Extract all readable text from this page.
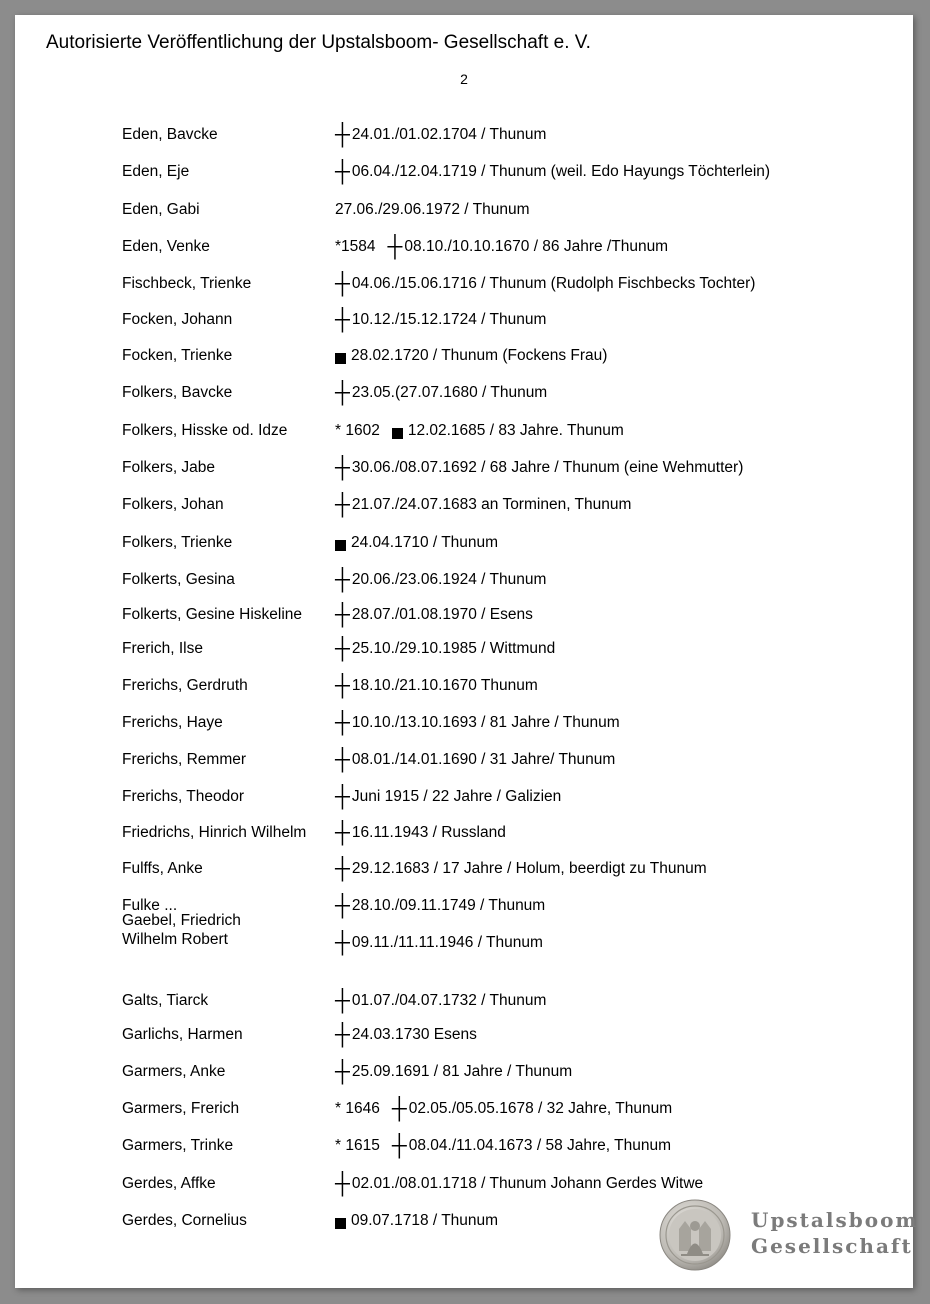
Autorisierte Veröffentlichung der Upstalsboom- Gesellschaft e. V.
2
Eden, Bavcke	┼ 24.01./01.02.1704 / Thunum
Eden, Eje	┼ 06.04./12.04.1719 / Thunum (weil. Edo Hayungs Töchterlein)
Eden, Gabi	27.06./29.06.1972 / Thunum
Eden, Venke	*1584 ┼ 08.10./10.10.1670 / 86 Jahre /Thunum
Fischbeck, Trienke	┼ 04.06./15.06.1716 / Thunum (Rudolph Fischbecks Tochter)
Focken, Johann	┼ 10.12./15.12.1724 / Thunum
Focken, Trienke	28.02.1720 / Thunum (Fockens Frau)
Folkers, Bavcke	┼ 23.05.(27.07.1680 / Thunum
Folkers, Hisske od. Idze	* 1602 12.02.1685 / 83 Jahre. Thunum
Folkers, Jabe	┼ 30.06./08.07.1692 / 68 Jahre / Thunum (eine Wehmutter)
Folkers, Johan	┼ 21.07./24.07.1683 an Torminen, Thunum
Folkers, Trienke	24.04.1710 / Thunum
Folkerts, Gesina	┼ 20.06./23.06.1924 / Thunum
Folkerts, Gesine Hiskeline ┼ 28.07./01.08.1970 / Esens
Frerich, Ilse	┼ 25.10./29.10.1985 / Wittmund
Frerichs, Gerdruth	┼ 18.10./21.10.1670 Thunum
Frerichs, Haye	┼ 10.10./13.10.1693 / 81 Jahre / Thunum
Frerichs, Remmer	┼ 08.01./14.01.1690 / 31 Jahre/ Thunum
Frerichs, Theodor	┼ Juni 1915 / 22 Jahre / Galizien
Friedrichs, Hinrich Wilhelm ┼ 16.11.1943 / Russland
Fulffs, Anke	┼ 29.12.1683 / 17 Jahre / Holum, beerdigt zu Thunum
Fulke ...	┼ 28.10./09.11.1749 / Thunum
Gaebel, Friedrich
Wilhelm Robert	┼ 09.11./11.11.1946 / Thunum
Galts, Tiarck	┼ 01.07./04.07.1732 / Thunum
Garlichs, Harmen	┼ 24.03.1730 Esens
Garmers, Anke	┼ 25.09.1691 / 81 Jahre / Thunum
Garmers, Frerich	* 1646 ┼ 02.05./05.05.1678 / 32 Jahre, Thunum
Garmers, Trinke	* 1615 ┼ 08.04./11.04.1673 / 58 Jahre, Thunum
Gerdes, Affke	┼ 02.01./08.01.1718 / Thunum Johann Gerdes Witwe
Gerdes, Cornelius	09.07.1718 / Thunum	Upstalsboom
Gesellschaft
